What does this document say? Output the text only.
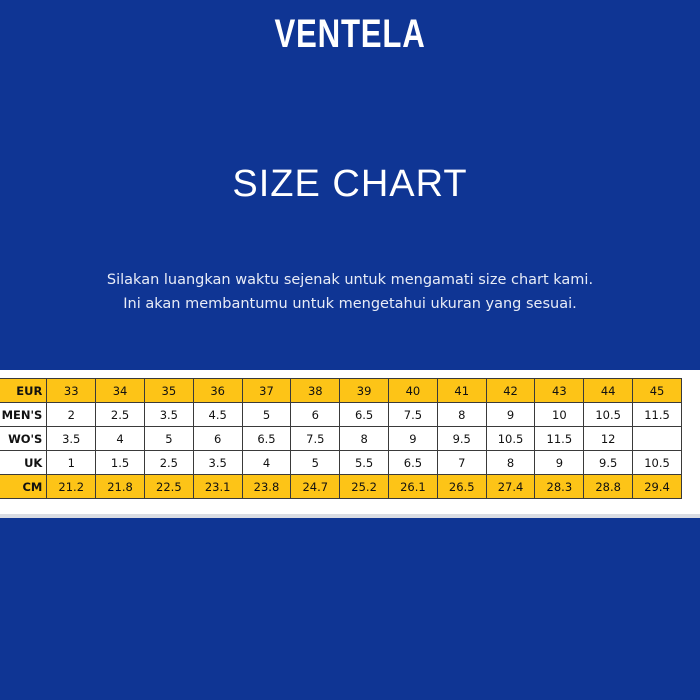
VENTELA
SIZE CHART
Silakan luangkan waktu sejenak untuk mengamati size chart kami.
Ini akan membantumu untuk mengetahui ukuran yang sesuai.
EUR	33	34	35	36	37	38	39	40	41	42	43	44	45
MEN'S	2	2.5	3.5	4.5	5	6	6.5	7.5	8	9	10	10.5	11.5
WO'S	3.5	4	5	6	6.5	7.5	8	9	9.5	10.5	11.5	12	
UK	1	1.5	2.5	3.5	4	5	5.5	6.5	7	8	9	9.5	10.5
CM	21.2	21.8	22.5	23.1	23.8	24.7	25.2	26.1	26.5	27.4	28.3	28.8	29.4
